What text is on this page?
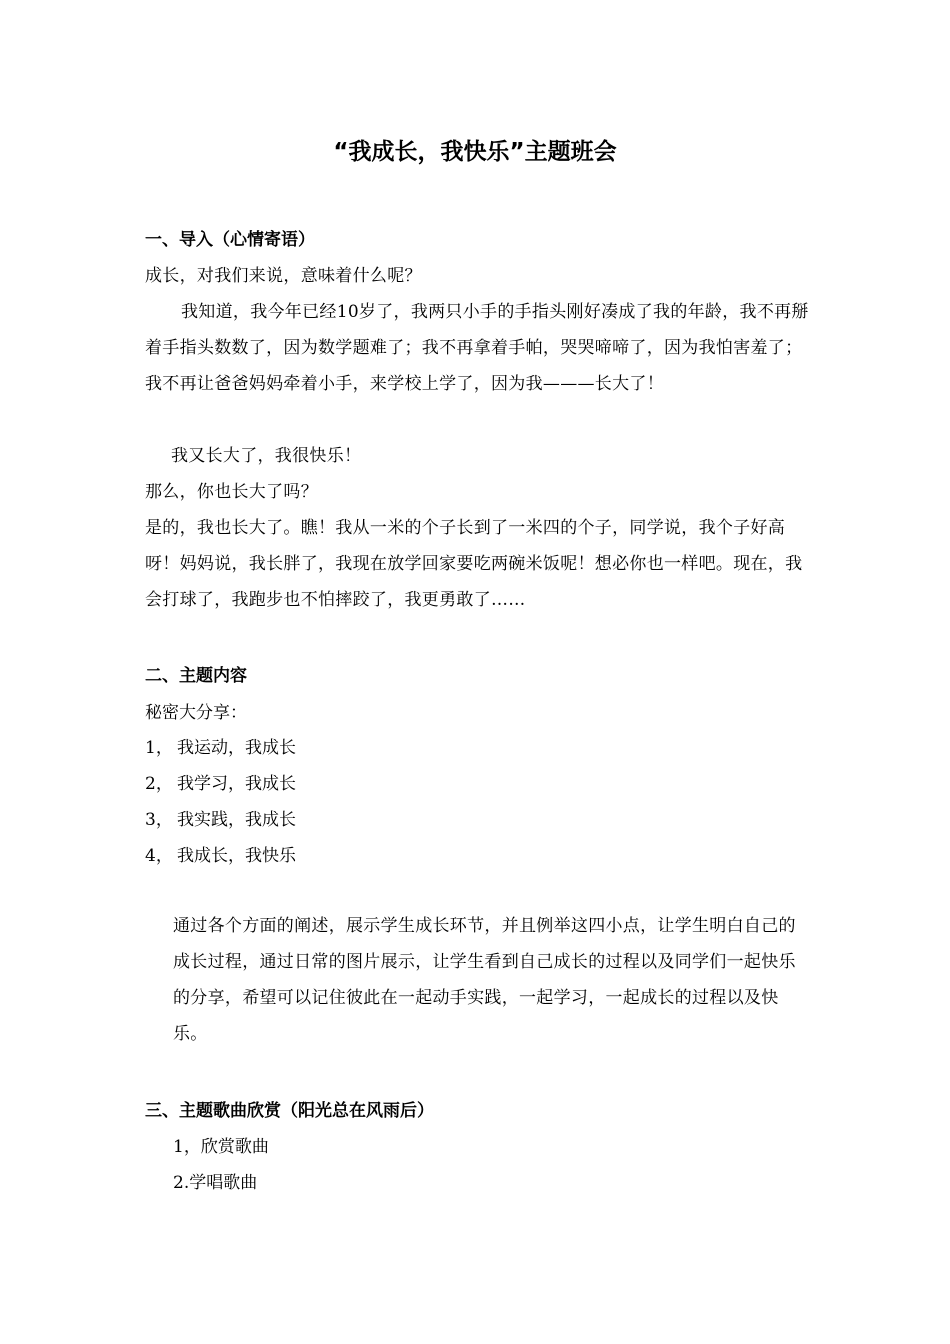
“我成长，我快乐”主题班会
一、导入（心情寄语）
成长，对我们来说，意味着什么呢？
我知道，我今年已经10岁了，我两只小手的手指头刚好凑成了我的年龄，我不再掰着手指头数数了，因为数学题难了；我不再拿着手帕，哭哭啼啼了，因为我怕害羞了；我不再让爸爸妈妈牵着小手，来学校上学了，因为我———长大了！
我又长大了，我很快乐！
那么，你也长大了吗？
是的，我也长大了。瞧！我从一米的个子长到了一米四的个子，同学说，我个子好高呀！妈妈说，我长胖了，我现在放学回家要吃两碗米饭呢！想必你也一样吧。现在，我会打球了，我跑步也不怕摔跤了，我更勇敢了……
二、主题内容
秘密大分享：
1， 我运动，我成长
2， 我学习，我成长
3， 我实践，我成长
4， 我成长，我快乐
通过各个方面的阐述，展示学生成长环节，并且例举这四小点，让学生明白自己的成长过程，通过日常的图片展示，让学生看到自己成长的过程以及同学们一起快乐的分享，希望可以记住彼此在一起动手实践，一起学习，一起成长的过程以及快乐。
三、主题歌曲欣赏（阳光总在风雨后）
1，欣赏歌曲
2.学唱歌曲
